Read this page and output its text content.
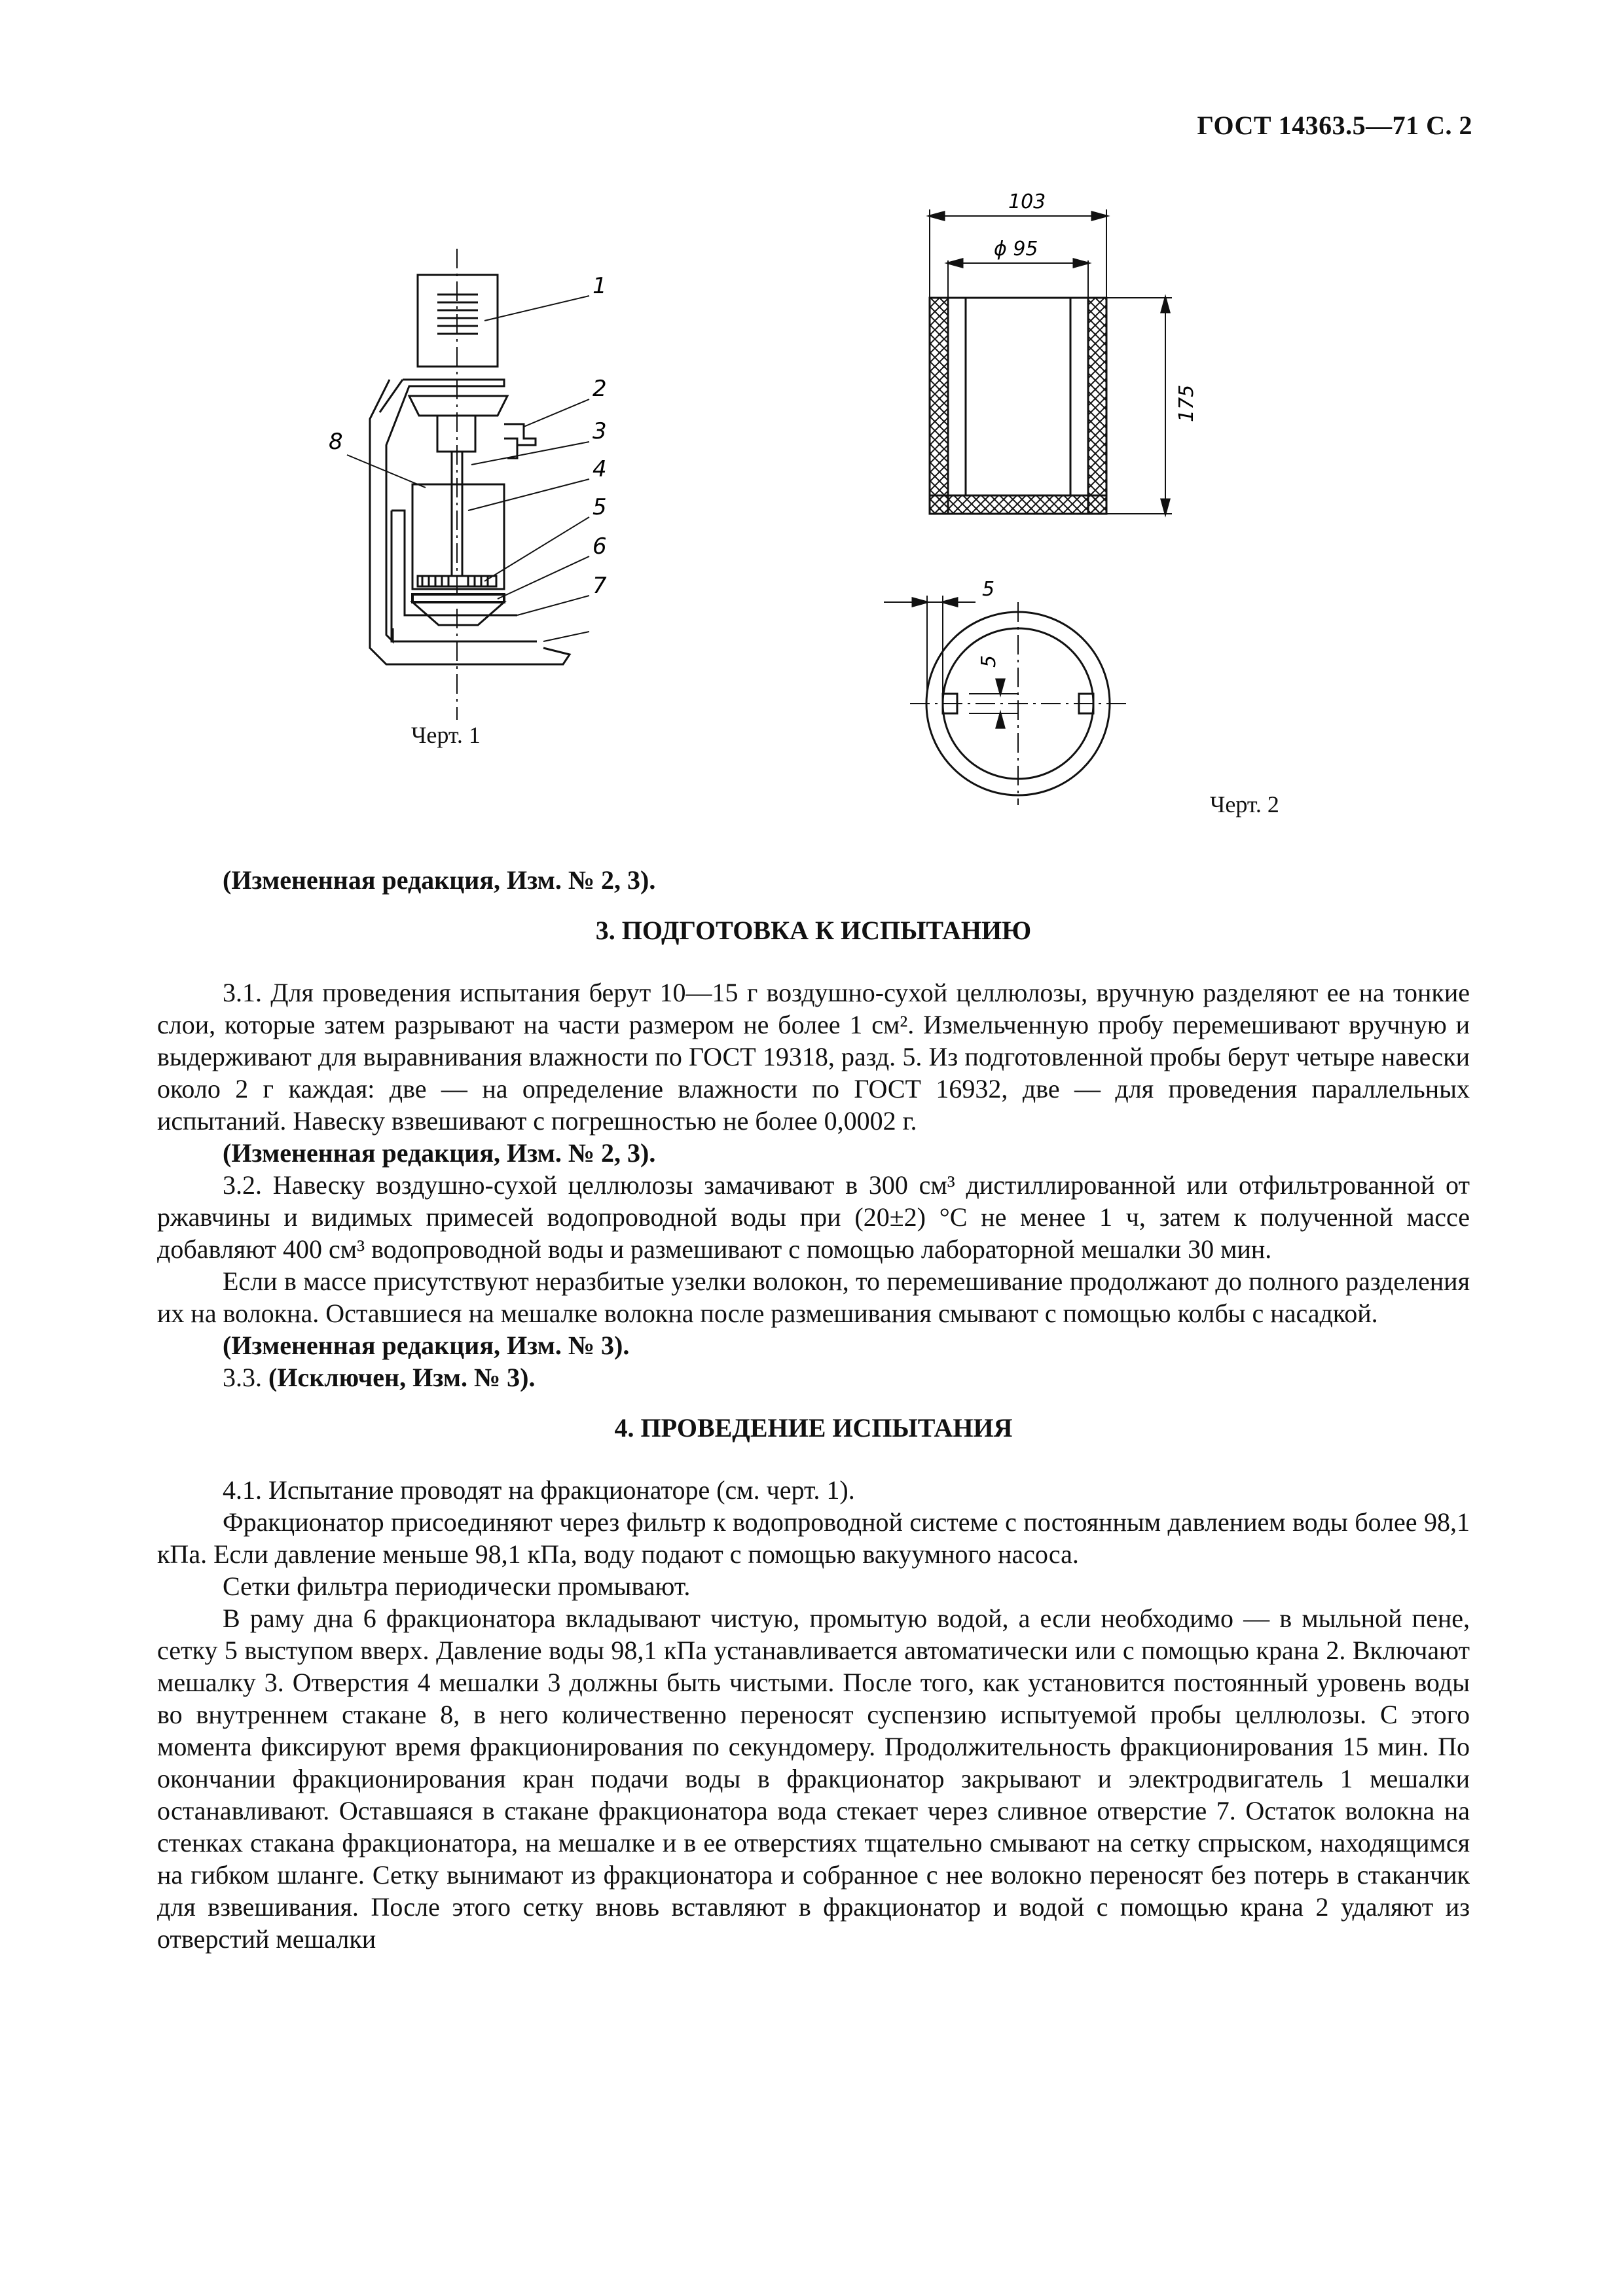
ГОСТ 14363.5—71 С. 2
1
2
3
4
5
6
7
8
Черт. 1
103
ϕ 95
175
5
5
Черт. 2

(Измененная редакция, Изм. № 2, 3).

3. ПОДГОТОВКА К ИСПЫТАНИЮ

3.1. Для проведения испытания берут 10—15 г воздушно-сухой целлюлозы, вручную разделяют ее на тонкие слои, которые затем разрывают на части размером не более 1 см². Измельченную пробу перемешивают вручную и выдерживают для выравнивания влажности по ГОСТ 19318, разд. 5. Из подготовленной пробы берут четыре навески около 2 г каждая: две — на определение влажности по ГОСТ 16932, две — для проведения параллельных испытаний. Навеску взвешивают с погрешностью не более 0,0002 г.

(Измененная редакция, Изм. № 2, 3).

3.2. Навеску воздушно-сухой целлюлозы замачивают в 300 см³ дистиллированной или отфильтрованной от ржавчины и видимых примесей водопроводной воды при (20±2) °С не менее 1 ч, затем к полученной массе добавляют 400 см³ водопроводной воды и размешивают с помощью лабораторной мешалки 30 мин.

Если в массе присутствуют неразбитые узелки волокон, то перемешивание продолжают до полного разделения их на волокна. Оставшиеся на мешалке волокна после размешивания смывают с помощью колбы с насадкой.

(Измененная редакция, Изм. № 3).

3.3. (Исключен, Изм. № 3).

4. ПРОВЕДЕНИЕ ИСПЫТАНИЯ

4.1. Испытание проводят на фракционаторе (см. черт. 1).

Фракционатор присоединяют через фильтр к водопроводной системе с постоянным давлением воды более 98,1 кПа. Если давление меньше 98,1 кПа, воду подают с помощью вакуумного насоса.

Сетки фильтра периодически промывают.

В раму дна 6 фракционатора вкладывают чистую, промытую водой, а если необходимо — в мыльной пене, сетку 5 выступом вверх. Давление воды 98,1 кПа устанавливается автоматически или с помощью крана 2. Включают мешалку 3. Отверстия 4 мешалки 3 должны быть чистыми. После того, как установится постоянный уровень воды во внутреннем стакане 8, в него количественно переносят суспензию испытуемой пробы целлюлозы. С этого момента фиксируют время фракционирования по секундомеру. Продолжительность фракционирования 15 мин. По окончании фракционирования кран подачи воды в фракционатор закрывают и электродвигатель 1 мешалки останавливают. Оставшаяся в стакане фракционатора вода стекает через сливное отверстие 7. Остаток волокна на стенках стакана фракционатора, на мешалке и в ее отверстиях тщательно смывают на сетку спрыском, находящимся на гибком шланге. Сетку вынимают из фракционатора и собранное с нее волокно переносят без потерь в стаканчик для взвешивания. После этого сетку вновь вставляют в фракционатор и водой с помощью крана 2 удаляют из отверстий мешалки
